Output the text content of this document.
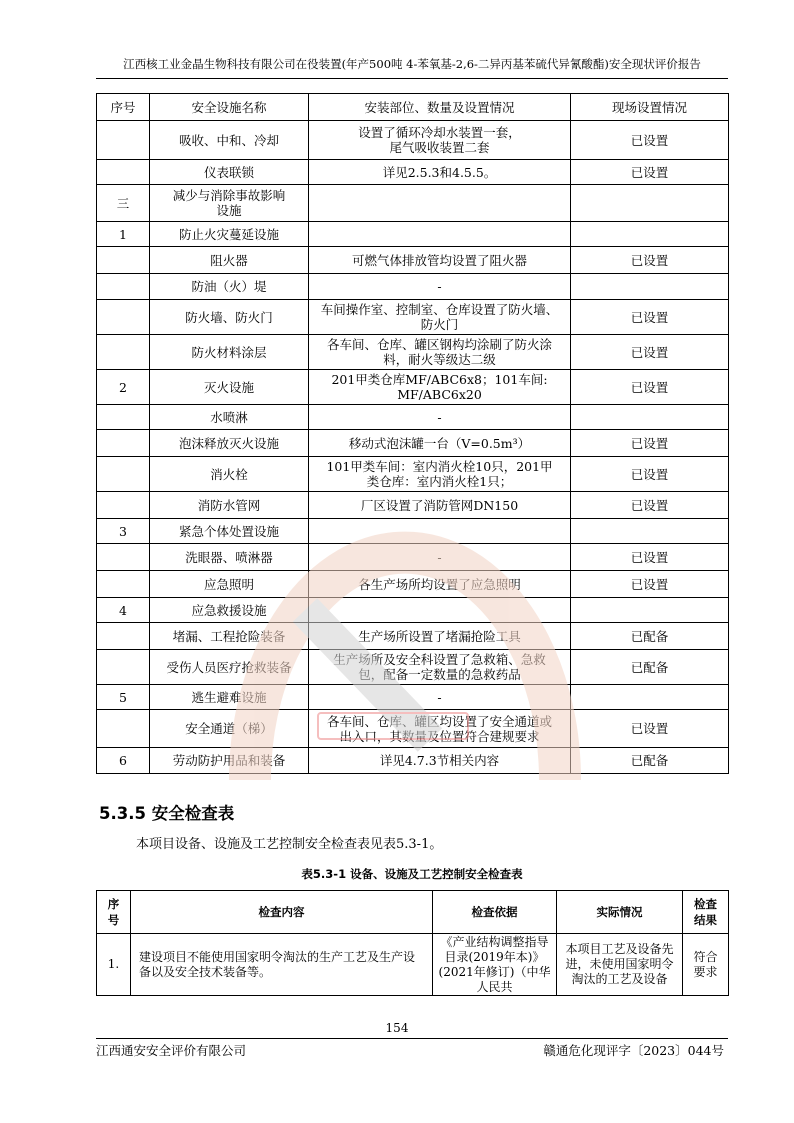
江西核工业金晶生物科技有限公司在役装置(年产500吨 4-苯氧基-2,6-二异丙基苯硫代异氰酸酯)安全现状评价报告
序号	安全设施名称	安装部位、数量及设置情况	现场设置情况
	吸收、中和、冷却	设置了循环冷却水装置一套，
尾气吸收装置二套	已设置
	仪表联锁	详见2.5.3和4.5.5。	已设置
三	减少与消除事故影响
设施		
1	防止火灾蔓延设施		
	阻火器	可燃气体排放管均设置了阻火器	已设置
	防油（火）堤	-	
	防火墙、防火门	车间操作室、控制室、仓库设置了防火墙、
防火门	已设置
	防火材料涂层	各车间、仓库、罐区钢构均涂刷了防火涂
料，耐火等级达二级	已设置
2	灭火设施	201甲类仓库MF/ABC6x8；101车间:
MF/ABC6x20	已设置
	水喷淋	-	
	泡沫释放灭火设施	移动式泡沫罐一台（V=0.5m³）	已设置
	消火栓	101甲类车间：室内消火栓10只，201甲
类仓库：室内消火栓1只；	已设置
	消防水管网	厂区设置了消防管网DN150	已设置
3	紧急个体处置设施		
	洗眼器、喷淋器	-	已设置
	应急照明	各生产场所均设置了应急照明	已设置
4	应急救援设施		
	堵漏、工程抢险装备	生产场所设置了堵漏抢险工具	已配备
	受伤人员医疗抢救装备	生产场所及安全科设置了急救箱、急救
包，配备一定数量的急救药品	已配备
5	逃生避难设施	-	
	安全通道（梯）	各车间、仓库、罐区均设置了安全通道或
出入口，其数量及位置符合建规要求	已设置
6	劳动防护用品和装备	详见4.7.3节相关内容	已配备
5.3.5 安全检查表
本项目设备、设施及工艺控制安全检查表见表5.3-1。
表5.3-1 设备、设施及工艺控制安全检查表
序
号	检查内容	检查依据	实际情况	检查
结果
1.	建设项目不能使用国家明令淘汰的生产工艺及生产设备以及安全技术装备等。	《产业结构调整指导目录(2019年本)》(2021年修订)（中华人民共	本项目工艺及设备先进，未使用国家明令淘汰的工艺及设备	符合
要求
154
江西通安安全评价有限公司	赣通危化现评字〔2023〕044号
